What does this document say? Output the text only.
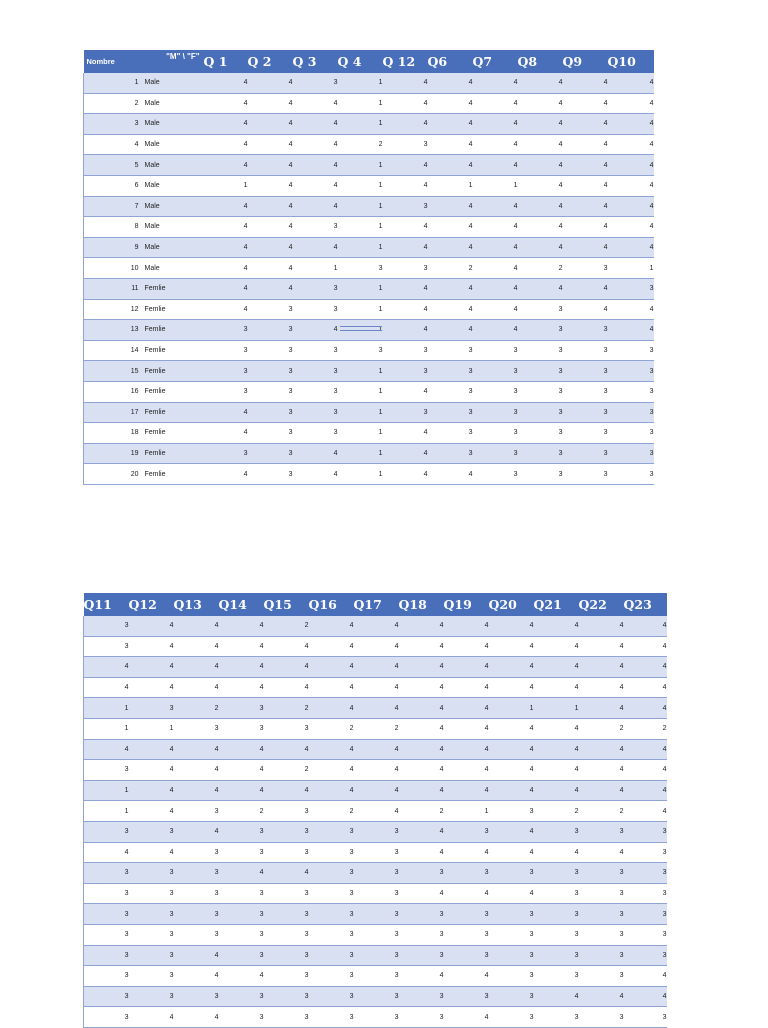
Nombre	"M" \ "F"	Q 1	Q 2	Q 3	Q 4	Q 12	Q6	Q7	Q8	Q9	Q10
1	Male	4	4	3	1	4	4	4	4	4	4
2	Male	4	4	4	1	4	4	4	4	4	4
3	Male	4	4	4	1	4	4	4	4	4	4
4	Male	4	4	4	2	3	4	4	4	4	4
5	Male	4	4	4	1	4	4	4	4	4	4
6	Male	1	4	4	1	4	1	1	4	4	4
7	Male	4	4	4	1	3	4	4	4	4	4
8	Male	4	4	3	1	4	4	4	4	4	4
9	Male	4	4	4	1	4	4	4	4	4	4
10	Male	4	4	1	3	3	2	4	2	3	1
11	Femlie	4	4	3	1	4	4	4	4	4	3
12	Femlie	4	3	3	1	4	4	4	3	4	4
13	Femlie	3	3	4	1	4	4	4	3	3	4
14	Femlie	3	3	3	3	3	3	3	3	3	3
15	Femlie	3	3	3	1	3	3	3	3	3	3
16	Femlie	3	3	3	1	4	3	3	3	3	3
17	Femlie	4	3	3	1	3	3	3	3	3	3
18	Femlie	4	3	3	1	4	3	3	3	3	3
19	Femlie	3	3	4	1	4	3	3	3	3	3
20	Femlie	4	3	4	1	4	4	3	3	3	3
Q11	Q12	Q13	Q14	Q15	Q16	Q17	Q18	Q19	Q20	Q21	Q22	Q23
3	4	4	4	2	4	4	4	4	4	4	4	4
3	4	4	4	4	4	4	4	4	4	4	4	4
4	4	4	4	4	4	4	4	4	4	4	4	4
4	4	4	4	4	4	4	4	4	4	4	4	4
1	3	2	3	2	4	4	4	4	1	1	4	4
1	1	3	3	3	2	2	4	4	4	4	2	2
4	4	4	4	4	4	4	4	4	4	4	4	4
3	4	4	4	2	4	4	4	4	4	4	4	4
1	4	4	4	4	4	4	4	4	4	4	4	4
1	4	3	2	3	2	4	2	1	3	2	2	4
3	3	4	3	3	3	3	4	3	4	3	3	3
4	4	3	3	3	3	3	4	4	4	4	4	3
3	3	3	4	4	3	3	3	3	3	3	3	3
3	3	3	3	3	3	3	4	4	4	3	3	3
3	3	3	3	3	3	3	3	3	3	3	3	3
3	3	3	3	3	3	3	3	3	3	3	3	3
3	3	4	3	3	3	3	3	3	3	3	3	3
3	3	4	4	3	3	3	4	4	3	3	3	4
3	3	3	3	3	3	3	3	3	3	4	4	4
3	4	4	3	3	3	3	3	4	3	3	3	3
